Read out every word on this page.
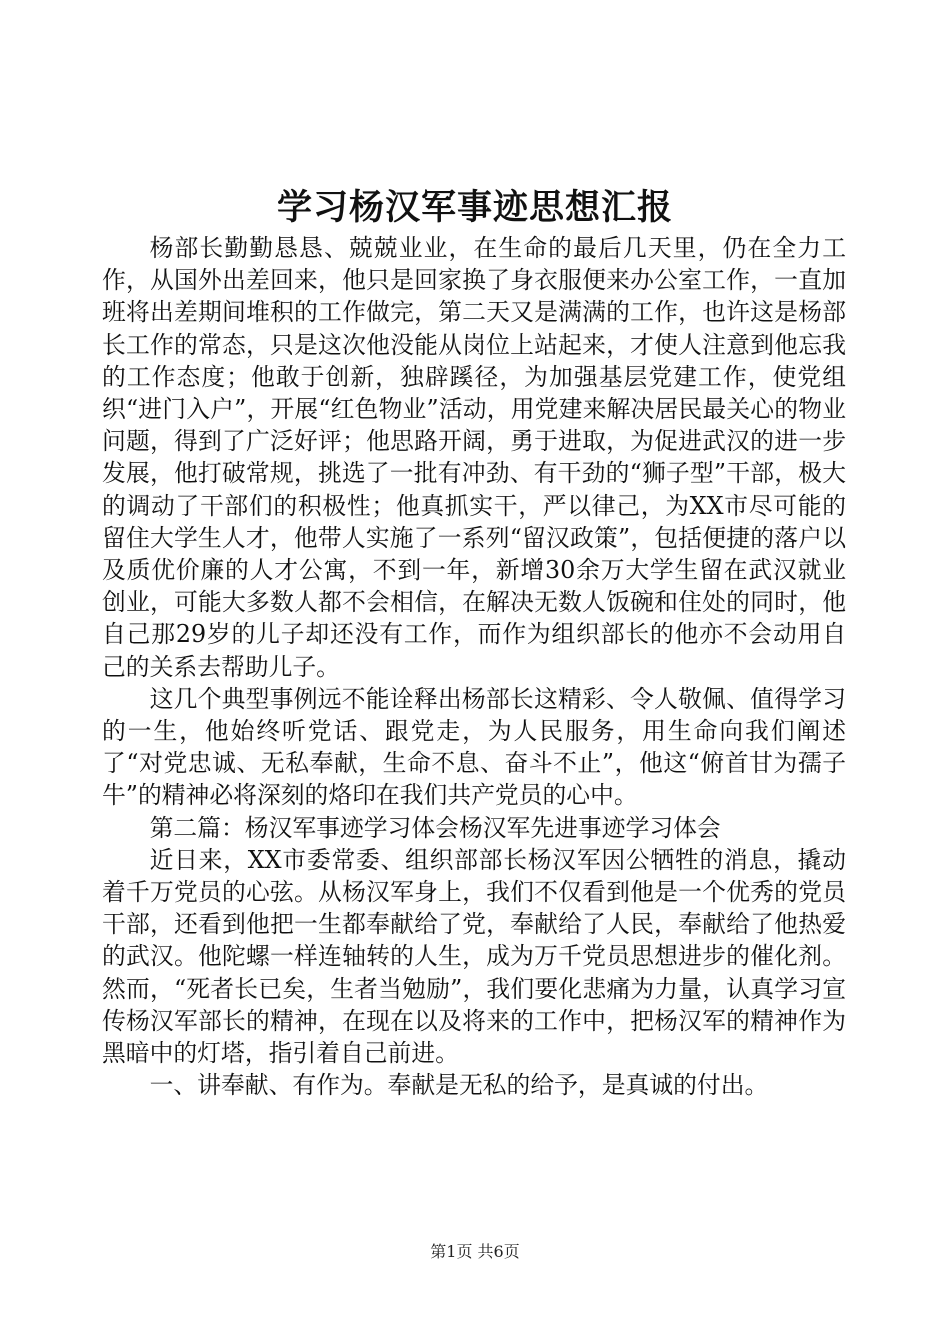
学习杨汉军事迹思想汇报

杨部长勤勤恳恳、兢兢业业，在生命的最后几天里，仍在全力工作，从国外出差回来，他只是回家换了身衣服便来办公室工作，一直加班将出差期间堆积的工作做完，第二天又是满满的工作，也许这是杨部长工作的常态，只是这次他没能从岗位上站起来，才使人注意到他忘我的工作态度；他敢于创新，独辟蹊径，为加强基层党建工作，使党组织“进门入户”，开展“红色物业”活动，用党建来解决居民最关心的物业问题，得到了广泛好评；他思路开阔，勇于进取，为促进武汉的进一步发展，他打破常规，挑选了一批有冲劲、有干劲的“狮子型”干部，极大的调动了干部们的积极性；他真抓实干，严以律己，为XX市尽可能的留住大学生人才，他带人实施了一系列“留汉政策”，包括便捷的落户以及质优价廉的人才公寓，不到一年，新增30余万大学生留在武汉就业创业，可能大多数人都不会相信，在解决无数人饭碗和住处的同时，他自己那29岁的儿子却还没有工作，而作为组织部长的他亦不会动用自己的关系去帮助儿子。

这几个典型事例远不能诠释出杨部长这精彩、令人敬佩、值得学习的一生，他始终听党话、跟党走，为人民服务，用生命向我们阐述了“对党忠诚、无私奉献，生命不息、奋斗不止”，他这“俯首甘为孺子牛”的精神必将深刻的烙印在我们共产党员的心中。

第二篇：杨汉军事迹学习体会杨汉军先进事迹学习体会

近日来，XX市委常委、组织部部长杨汉军因公牺牲的消息，撬动着千万党员的心弦。从杨汉军身上，我们不仅看到他是一个优秀的党员干部，还看到他把一生都奉献给了党，奉献给了人民，奉献给了他热爱的武汉。他陀螺一样连轴转的人生，成为万千党员思想进步的催化剂。然而，“死者长已矣，生者当勉励”，我们要化悲痛为力量，认真学习宣传杨汉军部长的精神，在现在以及将来的工作中，把杨汉军的精神作为黑暗中的灯塔，指引着自己前进。

一、讲奉献、有作为。奉献是无私的给予，是真诚的付出。

第1页 共6页
